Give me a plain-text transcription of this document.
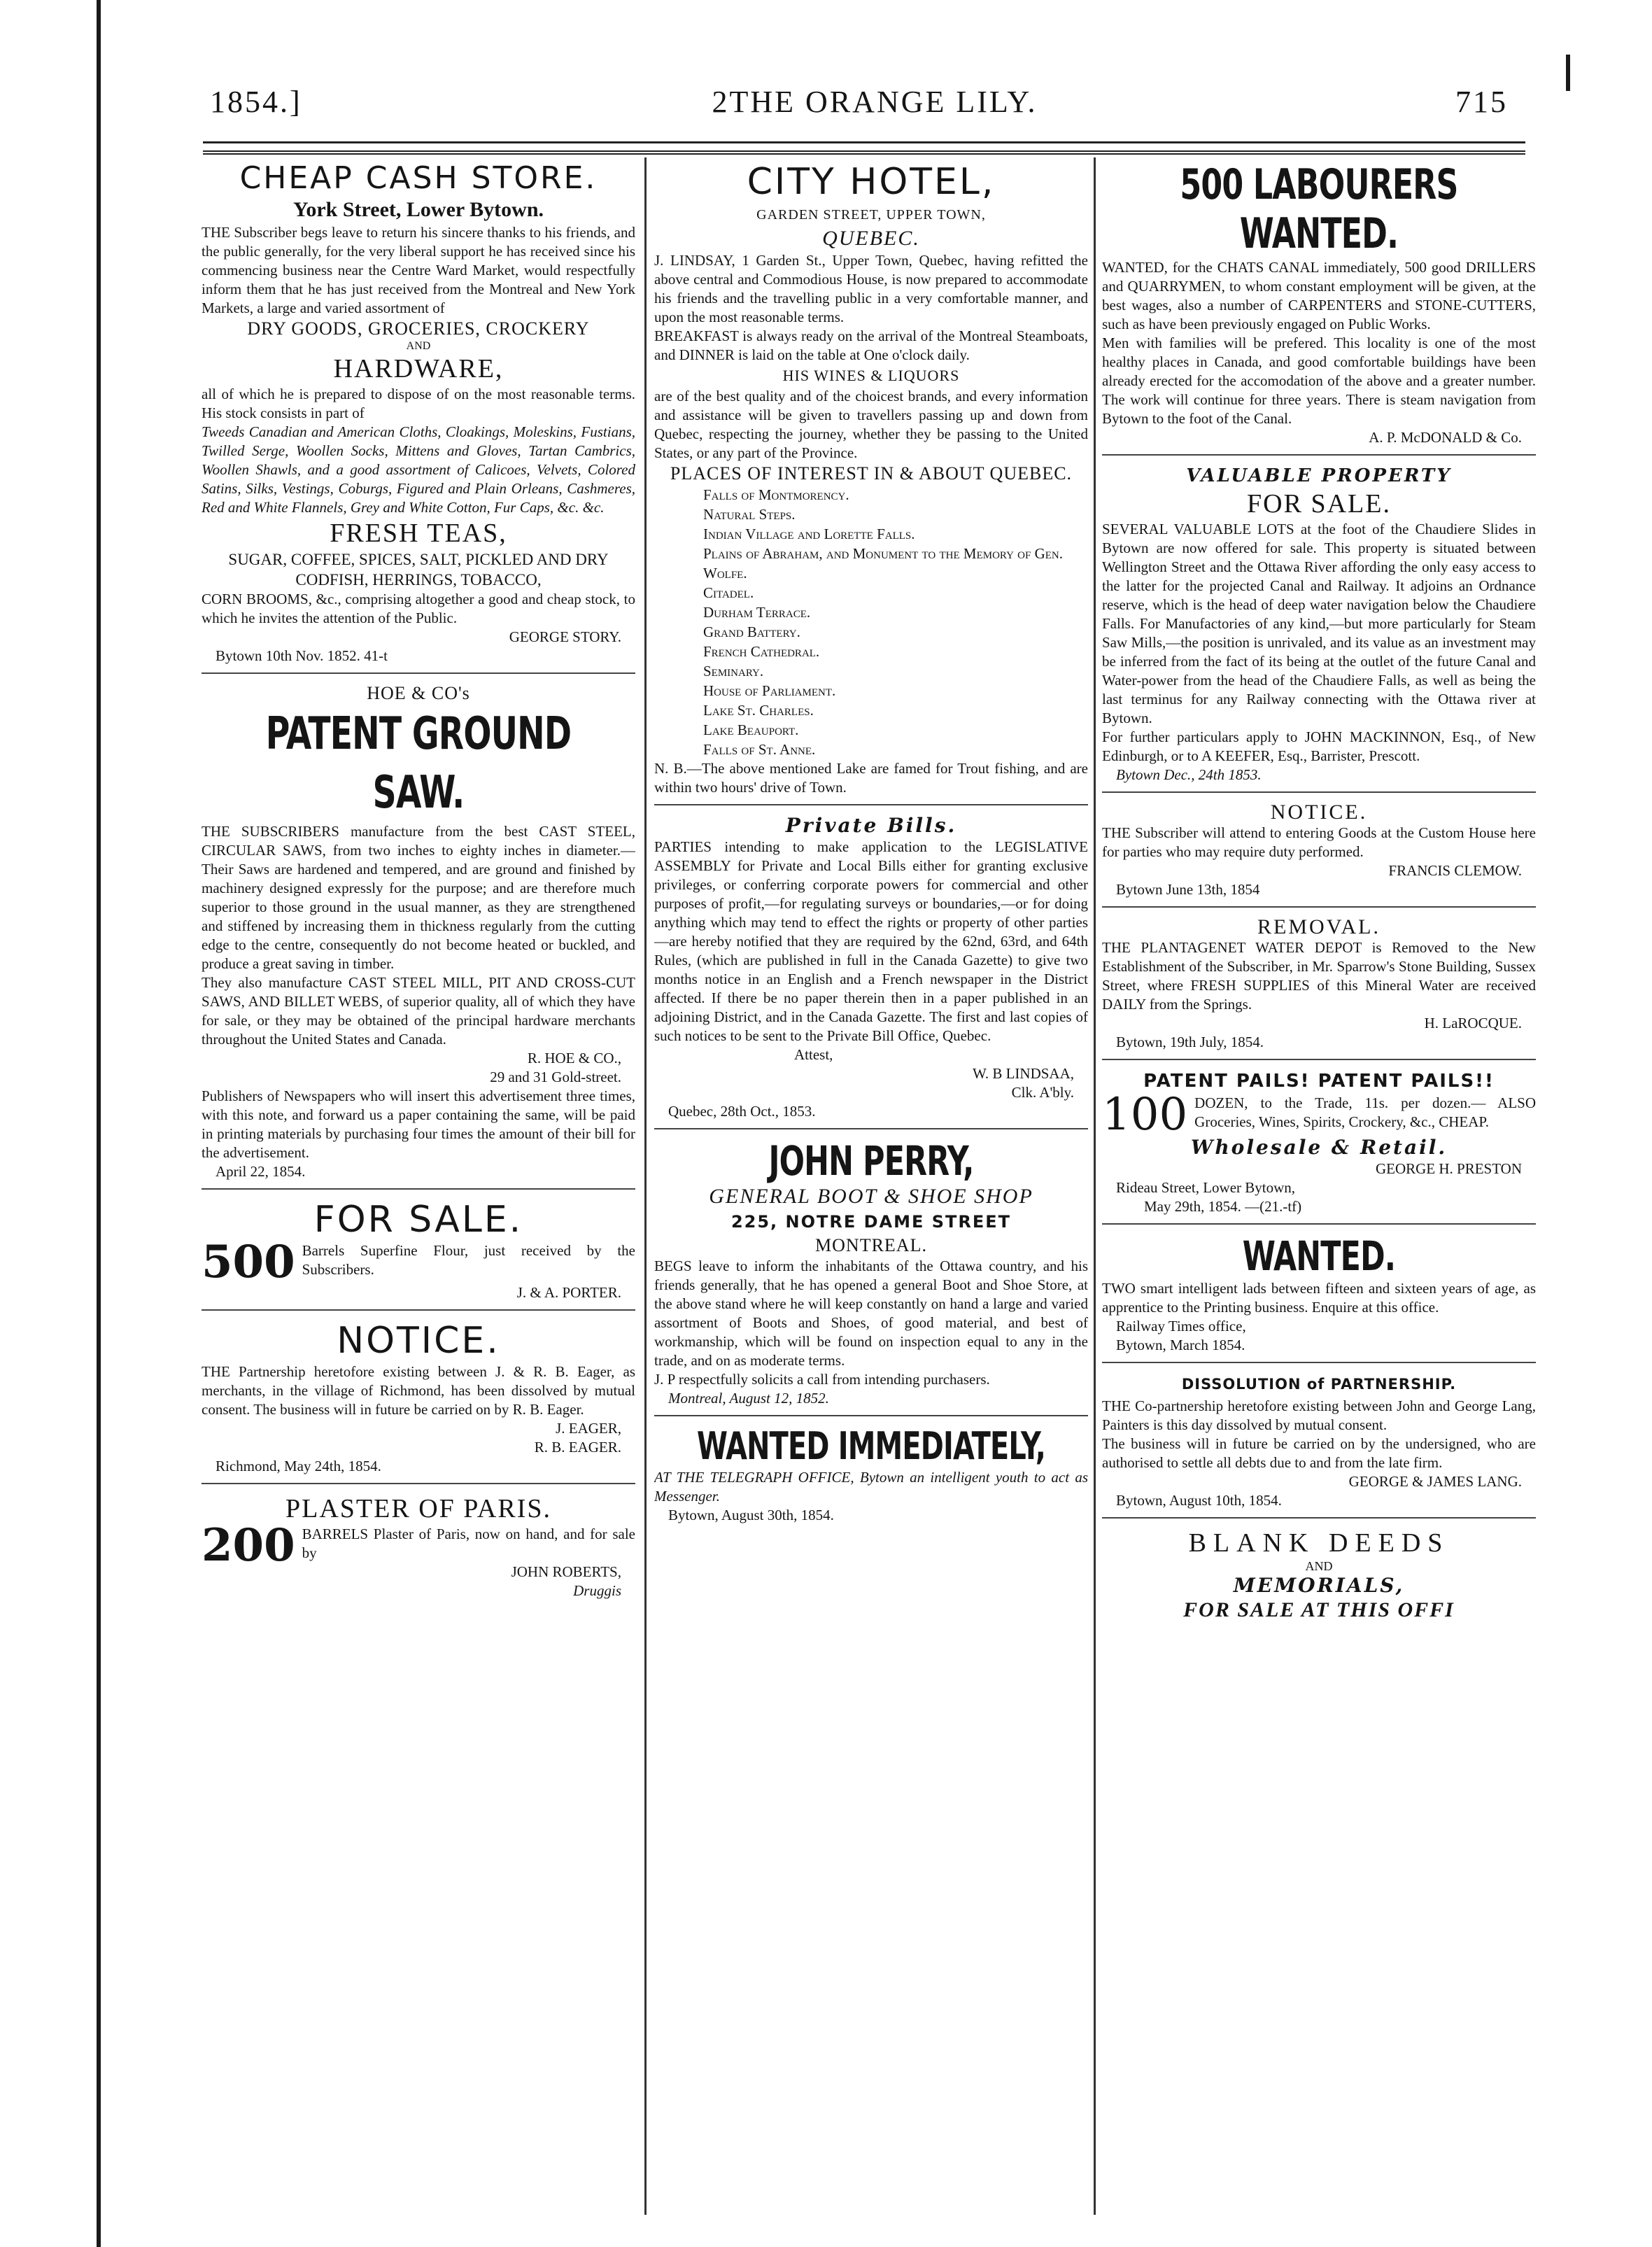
1854.]	2THE ORANGE LILY.	715

CHEAP CASH STORE.

York Street, Lower Bytown.

THE Subscriber begs leave to return his sincere thanks to his friends, and the public generally, for the very liberal support he has received since his commencing business near the Centre Ward Market, would respectfully inform them that he has just received from the Montreal and New York Markets, a large and varied assortment of

DRY GOODS, GROCERIES, CROCKERY

AND

HARDWARE,

all of which he is prepared to dispose of on the most reasonable terms. His stock consists in part of

Tweeds Canadian and American Cloths, Cloakings, Moleskins, Fustians, Twilled Serge, Woollen Socks, Mittens and Gloves, Tartan Cambrics, Woollen Shawls, and a good assortment of Calicoes, Velvets, Colored Satins, Silks, Vestings, Coburgs, Figured and Plain Orleans, Cashmeres, Red and White Flannels, Grey and White Cotton, Fur Caps, &c. &c.

FRESH TEAS,

SUGAR, COFFEE, SPICES, SALT, PICKLED AND DRY CODFISH, HERRINGS, TOBACCO,

CORN BROOMS, &c., comprising altogether a good and cheap stock, to which he invites the attention of the Public.

GEORGE STORY.

Bytown 10th Nov. 1852. 41-t

HOE & CO's

PATENT GROUND SAW.

THE SUBSCRIBERS manufacture from the best CAST STEEL, CIRCULAR SAWS, from two inches to eighty inches in diameter.— Their Saws are hardened and tempered, and are ground and finished by machinery designed expressly for the purpose; and are therefore much superior to those ground in the usual manner, as they are strengthened and stiffened by increasing them in thickness regularly from the cutting edge to the centre, consequently do not become heated or buckled, and produce a great saving in timber.

They also manufacture CAST STEEL MILL, PIT AND CROSS-CUT SAWS, AND BILLET WEBS, of superior quality, all of which they have for sale, or they may be obtained of the principal hardware merchants throughout the United States and Canada.

R. HOE & CO.,

29 and 31 Gold-street.

Publishers of Newspapers who will insert this advertisement three times, with this note, and forward us a paper containing the same, will be paid in printing materials by purchasing four times the amount of their bill for the advertisement.

April 22, 1854.

FOR SALE.

500 Barrels Superfine Flour, just received by the Subscribers.

J. & A. PORTER.

NOTICE.

THE Partnership heretofore existing between J. & R. B. Eager, as merchants, in the village of Richmond, has been dissolved by mutual consent. The business will in future be carried on by R. B. Eager.

J. EAGER,

R. B. EAGER.

Richmond, May 24th, 1854.

PLASTER OF PARIS.

200 BARRELS Plaster of Paris, now on hand, and for sale by

JOHN ROBERTS,

Druggis

CITY HOTEL,

GARDEN STREET, UPPER TOWN,

QUEBEC.

J. LINDSAY, 1 Garden St., Upper Town, Quebec, having refitted the above central and Commodious House, is now prepared to accommodate his friends and the travelling public in a very comfortable manner, and upon the most reasonable terms.

BREAKFAST is always ready on the arrival of the Montreal Steamboats, and DINNER is laid on the table at One o'clock daily.

HIS WINES & LIQUORS

are of the best quality and of the choicest brands, and every information and assistance will be given to travellers passing up and down from Quebec, respecting the journey, whether they be passing to the United States, or any part of the Province.

PLACES OF INTEREST IN & ABOUT QUEBEC.

Falls of Montmorency.

Natural Steps.

Indian Village and Lorette Falls.

Plains of Abraham, and Monument to the Memory of Gen. Wolfe.

Citadel.

Durham Terrace.

Grand Battery.

French Cathedral.

Seminary.

House of Parliament.

Lake St. Charles.

Lake Beauport.

Falls of St. Anne.

N. B.—The above mentioned Lake are famed for Trout fishing, and are within two hours' drive of Town.

Private Bills.

PARTIES intending to make application to the LEGISLATIVE ASSEMBLY for Private and Local Bills either for granting exclusive privileges, or conferring corporate powers for commercial and other purposes of profit,—for regulating surveys or boundaries,—or for doing anything which may tend to effect the rights or property of other parties—are hereby notified that they are required by the 62nd, 63rd, and 64th Rules, (which are published in full in the Canada Gazette) to give two months notice in an English and a French newspaper in the District affected. If there be no paper therein then in a paper published in an adjoining District, and in the Canada Gazette. The first and last copies of such notices to be sent to the Private Bill Office, Quebec.

Attest,

W. B LINDSAA,

Clk. A'bly.

Quebec, 28th Oct., 1853.

JOHN PERRY,

GENERAL BOOT & SHOE SHOP

225, NOTRE DAME STREET

MONTREAL.

BEGS leave to inform the inhabitants of the Ottawa country, and his friends generally, that he has opened a general Boot and Shoe Store, at the above stand where he will keep constantly on hand a large and varied assortment of Boots and Shoes, of good material, and best of workmanship, which will be found on inspection equal to any in the trade, and on as moderate terms.

J. P respectfully solicits a call from intending purchasers.

Montreal, August 12, 1852.

WANTED IMMEDIATELY,

AT THE TELEGRAPH OFFICE, Bytown an intelligent youth to act as Messenger.

Bytown, August 30th, 1854.

500 LABOURERS WANTED.

WANTED, for the CHATS CANAL immediately, 500 good DRILLERS and QUARRYMEN, to whom constant employment will be given, at the best wages, also a number of CARPENTERS and STONE-CUTTERS, such as have been previously engaged on Public Works.

Men with families will be prefered. This locality is one of the most healthy places in Canada, and good comfortable buildings have been already erected for the accomodation of the above and a greater number. The work will continue for three years. There is steam navigation from Bytown to the foot of the Canal.

A. P. McDONALD & Co.

VALUABLE PROPERTY

FOR SALE.

SEVERAL VALUABLE LOTS at the foot of the Chaudiere Slides in Bytown are now offered for sale. This property is situated between Wellington Street and the Ottawa River affording the only easy access to the latter for the projected Canal and Railway. It adjoins an Ordnance reserve, which is the head of deep water navigation below the Chaudiere Falls. For Manufactories of any kind,—but more particularly for Steam Saw Mills,—the position is unrivaled, and its value as an investment may be inferred from the fact of its being at the outlet of the future Canal and Water-power from the head of the Chaudiere Falls, as well as being the last terminus for any Railway connecting with the Ottawa river at Bytown.

For further particulars apply to JOHN MACKINNON, Esq., of New Edinburgh, or to A KEEFER, Esq., Barrister, Prescott.

Bytown Dec., 24th 1853.

NOTICE.

THE Subscriber will attend to entering Goods at the Custom House here for parties who may require duty performed.

FRANCIS CLEMOW.

Bytown June 13th, 1854

REMOVAL.

THE PLANTAGENET WATER DEPOT is Removed to the New Establishment of the Subscriber, in Mr. Sparrow's Stone Building, Sussex Street, where FRESH SUPPLIES of this Mineral Water are received DAILY from the Springs.

H. LaROCQUE.

Bytown, 19th July, 1854.

PATENT PAILS! PATENT PAILS!!

100 DOZEN, to the Trade, 11s. per dozen.— ALSO Groceries, Wines, Spirits, Crockery, &c., CHEAP.

Wholesale & Retail.

GEORGE H. PRESTON

Rideau Street, Lower Bytown,

May 29th, 1854. —(21.-tf)

WANTED.

TWO smart intelligent lads between fifteen and sixteen years of age, as apprentice to the Printing business. Enquire at this office.

Railway Times office,

Bytown, March 1854.

DISSOLUTION of PARTNERSHIP.

THE Co-partnership heretofore existing between John and George Lang, Painters is this day dissolved by mutual consent.

The business will in future be carried on by the undersigned, who are authorised to settle all debts due to and from the late firm.

GEORGE & JAMES LANG.

Bytown, August 10th, 1854.

BLANK DEEDS

AND

MEMORIALS,

FOR SALE AT THIS OFFI
